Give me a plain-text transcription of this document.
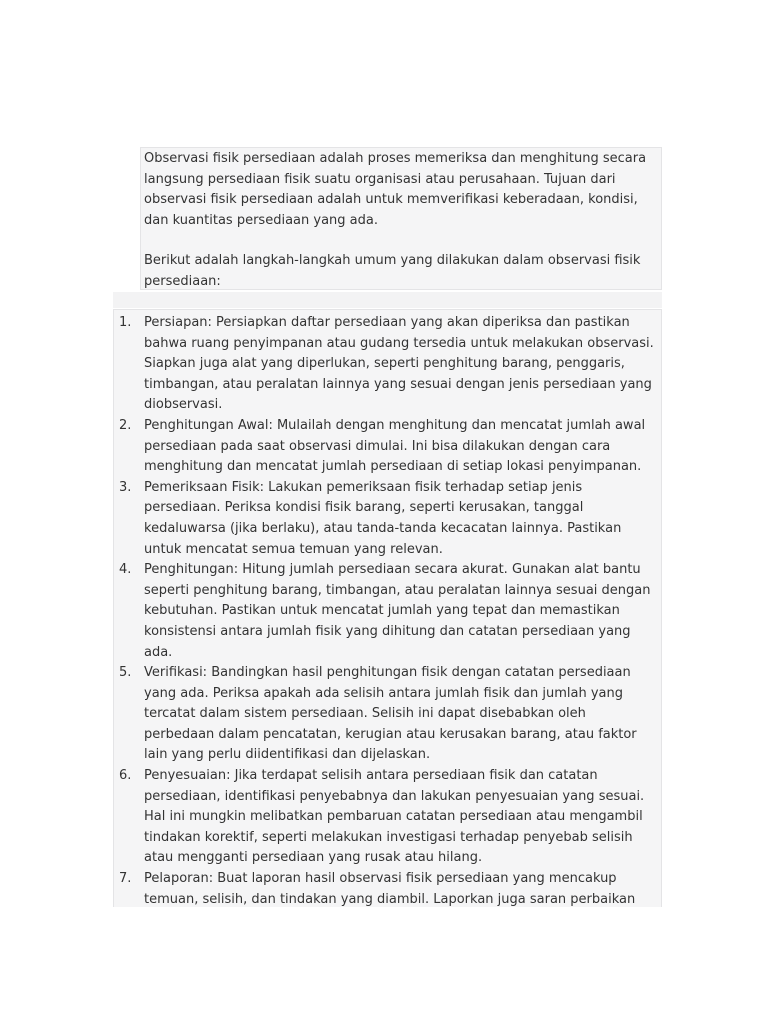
Observasi fisik persediaan adalah proses memeriksa dan menghitung secara langsung persediaan fisik suatu organisasi atau perusahaan. Tujuan dari observasi fisik persediaan adalah untuk memverifikasi keberadaan, kondisi, dan kuantitas persediaan yang ada.

Berikut adalah langkah-langkah umum yang dilakukan dalam observasi fisik persediaan:

1. Persiapan: Persiapkan daftar persediaan yang akan diperiksa dan pastikan bahwa ruang penyimpanan atau gudang tersedia untuk melakukan observasi. Siapkan juga alat yang diperlukan, seperti penghitung barang, penggaris, timbangan, atau peralatan lainnya yang sesuai dengan jenis persediaan yang diobservasi.
2. Penghitungan Awal: Mulailah dengan menghitung dan mencatat jumlah awal persediaan pada saat observasi dimulai. Ini bisa dilakukan dengan cara menghitung dan mencatat jumlah persediaan di setiap lokasi penyimpanan.
3. Pemeriksaan Fisik: Lakukan pemeriksaan fisik terhadap setiap jenis persediaan. Periksa kondisi fisik barang, seperti kerusakan, tanggal kedaluwarsa (jika berlaku), atau tanda-tanda kecacatan lainnya. Pastikan untuk mencatat semua temuan yang relevan.
4. Penghitungan: Hitung jumlah persediaan secara akurat. Gunakan alat bantu seperti penghitung barang, timbangan, atau peralatan lainnya sesuai dengan kebutuhan. Pastikan untuk mencatat jumlah yang tepat dan memastikan konsistensi antara jumlah fisik yang dihitung dan catatan persediaan yang ada.
5. Verifikasi: Bandingkan hasil penghitungan fisik dengan catatan persediaan yang ada. Periksa apakah ada selisih antara jumlah fisik dan jumlah yang tercatat dalam sistem persediaan. Selisih ini dapat disebabkan oleh perbedaan dalam pencatatan, kerugian atau kerusakan barang, atau faktor lain yang perlu diidentifikasi dan dijelaskan.
6. Penyesuaian: Jika terdapat selisih antara persediaan fisik dan catatan persediaan, identifikasi penyebabnya dan lakukan penyesuaian yang sesuai. Hal ini mungkin melibatkan pembaruan catatan persediaan atau mengambil tindakan korektif, seperti melakukan investigasi terhadap penyebab selisih atau mengganti persediaan yang rusak atau hilang.
7. Pelaporan: Buat laporan hasil observasi fisik persediaan yang mencakup temuan, selisih, dan tindakan yang diambil. Laporkan juga saran perbaikan
